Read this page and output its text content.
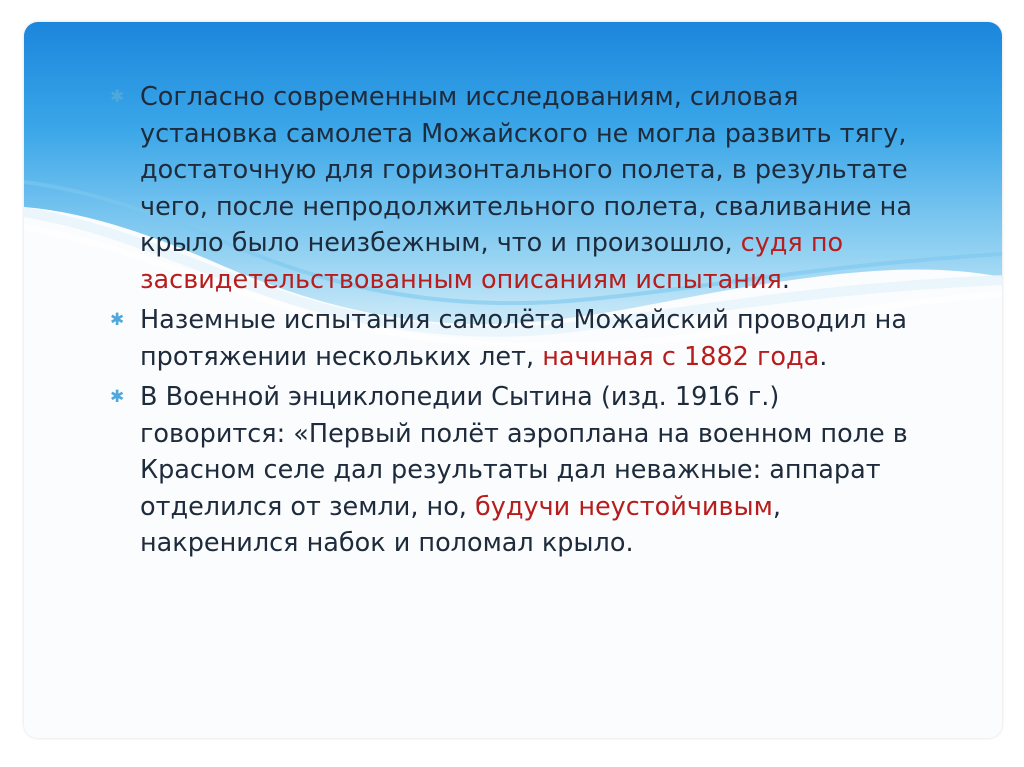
✱ Согласно современным исследованиям, силовая установка самолета Можайского не могла развить тягу, достаточную для горизонтального полета, в результате чего, после непродолжительного полета, сваливание на крыло было неизбежным, что и произошло, судя по засвидетельствованным описаниям испытания.
✱ Наземные испытания самолёта Можайский проводил на протяжении нескольких лет, начиная с 1882 года.
✱ В Военной энциклопедии Сытина (изд. 1916 г.) говорится: «Первый полёт аэроплана на военном поле в Красном селе дал результаты дал неважные: аппарат отделился от земли, но, будучи неустойчивым, накренился набок и поломал крыло.
